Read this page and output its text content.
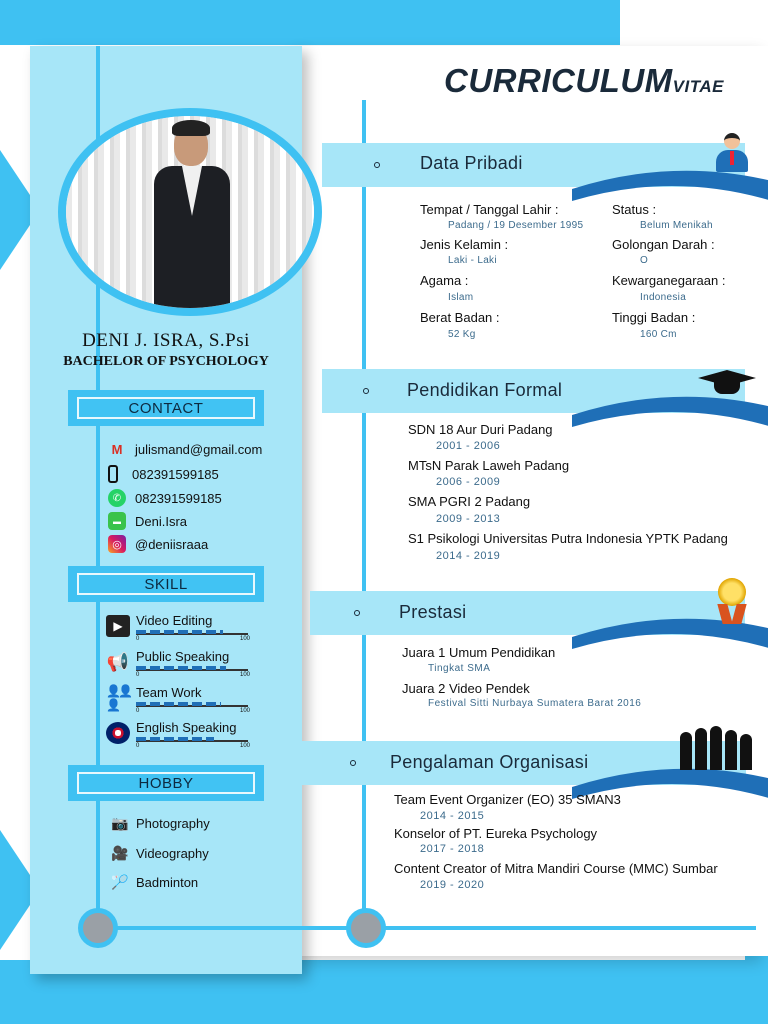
DENI J. ISRA, S.Psi
BACHELOR OF PSYCHOLOGY
CONTACT
M julismand@gmail.com
082391599185
✆	082391599185
▬	Deni.Isra
◎	@deniisraaa
SKILL
▶	Video Editing
0	100
📢 Public Speaking
0	100
👤👤👤
Team Work
0	100
English Speaking
0	100
HOBBY
📷 Photography
🎥 Videography
🏸 Badminton
CURRICULUMVITAE
Data Pribadi
Tempat / Tanggal Lahir :
Padang / 19 Desember 1995
Status :
Belum Menikah
Jenis Kelamin :
Laki - Laki
Golongan Darah :
O
Agama :
Islam
Kewarganegaraan :
Indonesia
Berat Badan :
52 Kg
Tinggi Badan :
160 Cm
Pendidikan Formal
SDN 18 Aur Duri Padang
2001 - 2006
MTsN Parak Laweh Padang
2006 - 2009
SMA PGRI 2 Padang
2009 - 2013
S1 Psikologi Universitas Putra Indonesia YPTK Padang
2014 - 2019
Prestasi
Juara 1 Umum Pendidikan
Tingkat SMA
Juara 2 Video Pendek
Festival Sitti Nurbaya Sumatera Barat 2016
Pengalaman Organisasi
Team Event Organizer (EO) 35 SMAN3
2014 - 2015
Konselor of PT. Eureka Psychology
2017 - 2018
Content Creator of Mitra Mandiri Course (MMC) Sumbar
2019 - 2020
